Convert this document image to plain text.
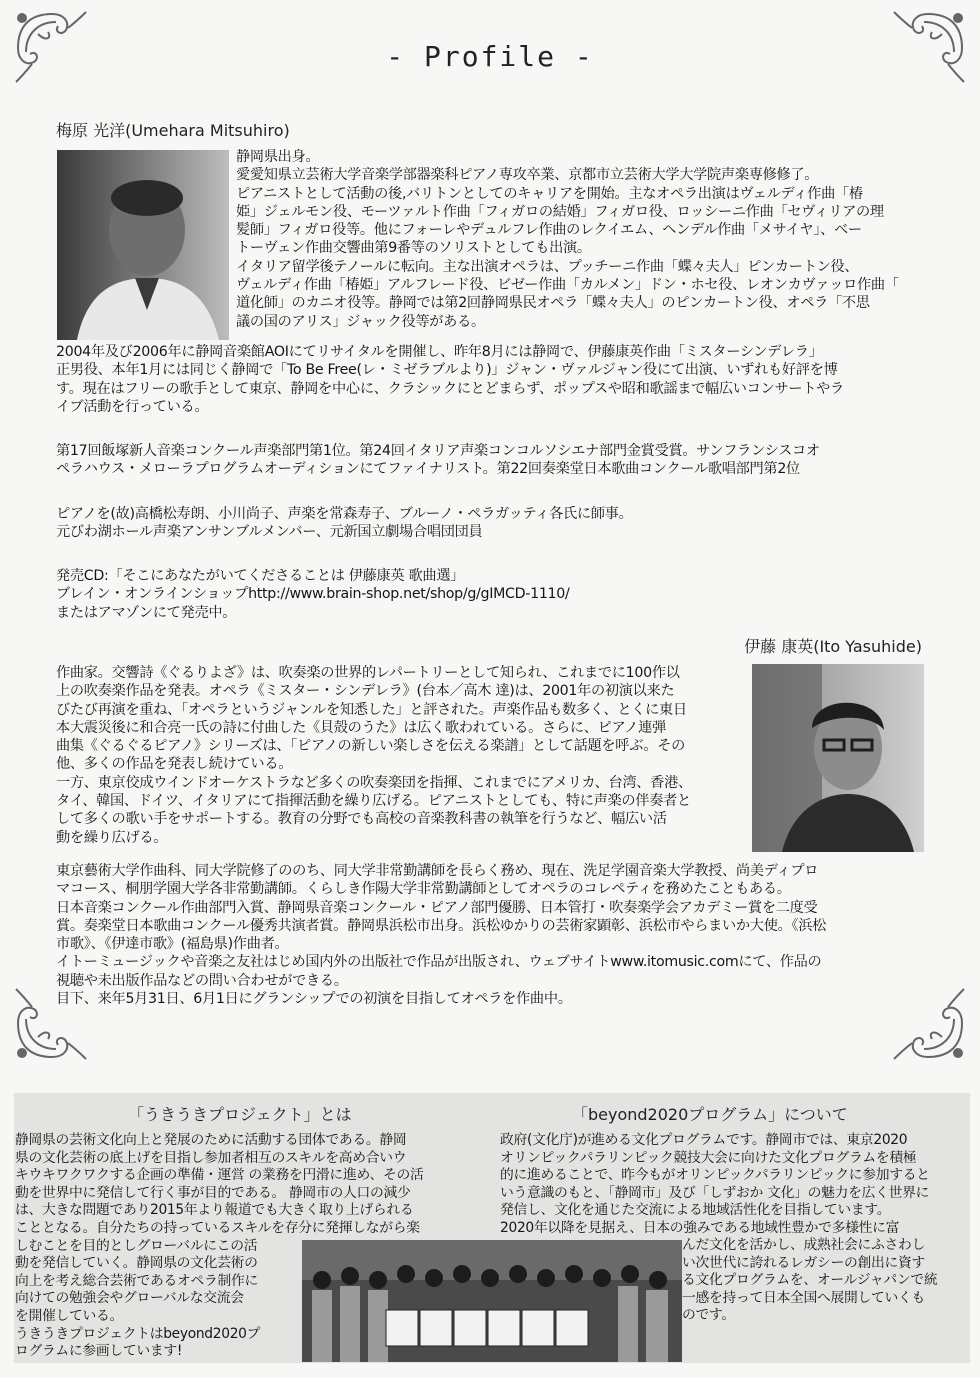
- Profile -
梅原 光洋(Umehara Mitsuhiro)
静岡県出身。
愛愛知県立芸術大学音楽学部器楽科ピアノ専攻卒業、京都市立芸術大学大学院声楽専修修了。
ピアニストとして活動の後,バリトンとしてのキャリアを開始。主なオペラ出演はヴェルディ作曲「椿
姫」ジェルモン役、モーツァルト作曲「フィガロの結婚」フィガロ役、ロッシーニ作曲「セヴィリアの理
髪師」フィガロ役等。他にフォーレやデュルフレ作曲のレクイエム、ヘンデル作曲「メサイヤ」、ベー
トーヴェン作曲交響曲第9番等のソリストとしても出演。
イタリア留学後テノールに転向。主な出演オペラは、プッチーニ作曲「蝶々夫人」ピンカートン役、
ヴェルディ作曲「椿姫」アルフレード役、ビゼー作曲「カルメン」ドン・ホセ役、レオンカヴァッロ作曲「
道化師」のカニオ役等。静岡では第2回静岡県民オペラ「蝶々夫人」のピンカートン役、オペラ「不思
議の国のアリス」ジャック役等がある。
2004年及び2006年に静岡音楽館AOIにてリサイタルを開催し、昨年8月には静岡で、伊藤康英作曲「ミスターシンデレラ」
正男役、本年1月には同じく静岡で「To Be Free(レ・ミゼラブルより)」ジャン・ヴァルジャン役にて出演、いずれも好評を博
す。現在はフリーの歌手として東京、静岡を中心に、クラシックにとどまらず、ポップスや昭和歌謡まで幅広いコンサートやラ
イブ活動を行っている。
第17回飯塚新人音楽コンクール声楽部門第1位。第24回イタリア声楽コンコルソシエナ部門金賞受賞。サンフランシスコオ
ペラハウス・メローラプログラムオーディションにてファイナリスト。第22回奏楽堂日本歌曲コンクール歌唱部門第2位
ピアノを(故)高橋松寿朗、小川尚子、声楽を常森寿子、ブルーノ・ペラガッティ各氏に師事。
元びわ湖ホール声楽アンサンブルメンバー、元新国立劇場合唱団団員
発売CD:「そこにあなたがいてくださることは 伊藤康英 歌曲選」
ブレイン・オンラインショップhttp://www.brain-shop.net/shop/g/gIMCD-1110/
またはアマゾンにて発売中。
伊藤 康英(Ito Yasuhide)
作曲家。交響詩《ぐるりよざ》は、吹奏楽の世界的レパートリーとして知られ、これまでに100作以
上の吹奏楽作品を発表。オペラ《ミスター・シンデレラ》(台本／高木 達)は、2001年の初演以来た
びたび再演を重ね、「オペラというジャンルを知悉した」と評された。声楽作品も数多く、とくに東日
本大震災後に和合亮一氏の詩に付曲した《貝殻のうた》は広く歌われている。さらに、ピアノ連弾
曲集《ぐるぐるピアノ》シリーズは、「ピアノの新しい楽しさを伝える楽譜」として話題を呼ぶ。その
他、多くの作品を発表し続けている。
一方、東京佼成ウインドオーケストラなど多くの吹奏楽団を指揮、これまでにアメリカ、台湾、香港、
タイ、韓国、ドイツ、イタリアにて指揮活動を繰り広げる。ピアニストとしても、特に声楽の伴奏者と
して多くの歌い手をサポートする。教育の分野でも高校の音楽教科書の執筆を行うなど、幅広い活
動を繰り広げる。
東京藝術大学作曲科、同大学院修了ののち、同大学非常勤講師を長らく務め、現在、洗足学園音楽大学教授、尚美ディプロ
マコース、桐朋学園大学各非常勤講師。くらしき作陽大学非常勤講師としてオペラのコレペティを務めたこともある。
日本音楽コンクール作曲部門入賞、静岡県音楽コンクール・ピアノ部門優勝、日本管打・吹奏楽学会アカデミー賞を二度受
賞。奏楽堂日本歌曲コンクール優秀共演者賞。静岡県浜松市出身。浜松ゆかりの芸術家顕彰、浜松市やらまいか大使。《浜松
市歌》、《伊達市歌》(福島県)作曲者。
イトーミュージックや音楽之友社はじめ国内外の出版社で作品が出版され、ウェブサイトwww.itomusic.comにて、作品の
視聴や未出版作品などの問い合わせができる。
目下、来年5月31日、6月1日にグランシップでの初演を目指してオペラを作曲中。
「うきうきプロジェクト」とは	「beyond2020プログラム」について
静岡県の芸術文化向上と発展のために活動する団体である。静岡
県の文化芸術の底上げを目指し参加者相互のスキルを高め合いウ
キウキワクワクする企画の準備・運営 の業務を円滑に進め、その活
動を世界中に発信して行く事が目的である。 静岡市の人口の減少
は、大きな問題であり2015年より報道でも大きく取り上げられる
こととなる。自分たちの持っているスキルを存分に発揮しながら楽
しむことを目的としグローバルにこの活
動を発信していく。静岡県の文化芸術の
向上を考え総合芸術であるオペラ制作に
向けての勉強会やグローバルな交流会
を開催している。
うきうきプロジェクトはbeyond2020プ
ログラムに参画しています!
政府(文化庁)が進める文化プログラムです。静岡市では、東京2020
オリンピックパラリンピック競技大会に向けた文化プログラムを積極
的に進めることで、昨今もがオリンピックパラリンピックに参加すると
いう意識のもと、「静岡市」及び「しずおか 文化」の魅力を広く世界に
発信し、文化を通じた交流による地域活性化を目指しています。
2020年以降を見据え、日本の強みである地域性豊かで多様性に富
んだ文化を活かし、成熟社会にふさわし
い次世代に誇れるレガシーの創出に資す
る文化プログラムを、オールジャパンで統
一感を持って日本全国へ展開していくも
のです。
